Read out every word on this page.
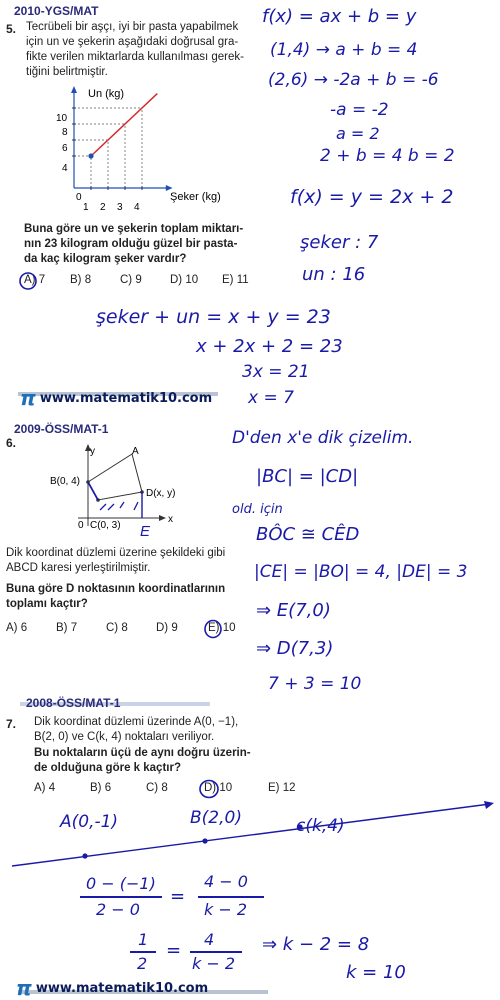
2010-YGS/MAT
5. Tecrübeli bir aşçı, iyi bir pasta yapabilmek
için un ve şekerin aşağıdaki doğrusal gra-
fikte verilen miktarlarda kullanılması gerek-
tiğini belirtmiştir.
Un (kg)
Şeker (kg)
0
1 2 3 4
4
6
8
10
Buna göre un ve şekerin toplam miktarı-
nın 23 kilogram olduğu güzel bir pasta-
da kaç kilogram şeker vardır?
A) 7	B) 8	C) 9	D) 10	E) 11
f(x) = ax + b = y
(1,4) → a + b = 4
(2,6) → -2a + b = -6
-a = -2
a = 2
2 + b = 4 b = 2
f(x) = y = 2x + 2
şeker : 7
un : 16
şeker + un = x + y = 23
x + 2x + 2 = 23
3x = 21
x = 7
π www.matematik10.com
2009-ÖSS/MAT-1
6.
y
x
A
B(0, 4)
D(x, y)
C(0, 3)
0	E
Dik koordinat düzlemi üzerine şekildeki gibi
ABCD karesi yerleştirilmiştir.
Buna göre D noktasının koordinatlarının
toplamı kaçtır?
A) 6	B) 7	C) 8	D) 9	E) 10
D'den x'e dik çizelim.
|BC| = |CD|
old. için
BÔC ≅ CÊD
|CE| = |BO| = 4, |DE| = 3
⇒ E(7,0)
⇒ D(7,3)
7 + 3 = 10
2008-ÖSS/MAT-1
7. Dik koordinat düzlemi üzerinde A(0, −1),
B(2, 0) ve C(k, 4) noktaları veriliyor.
Bu noktaların üçü de aynı doğru üzerin-
de olduğuna göre k kaçtır?
A) 4	B) 6	C) 8	D) 10	E) 12
A(0,-1)	B(2,0)	c(k,4)
0 − (−1)
2 − 0
=
4 − 0
k − 2
1
2
=
4
k − 2
⇒ k − 2 = 8
k = 10
π www.matematik10.com
